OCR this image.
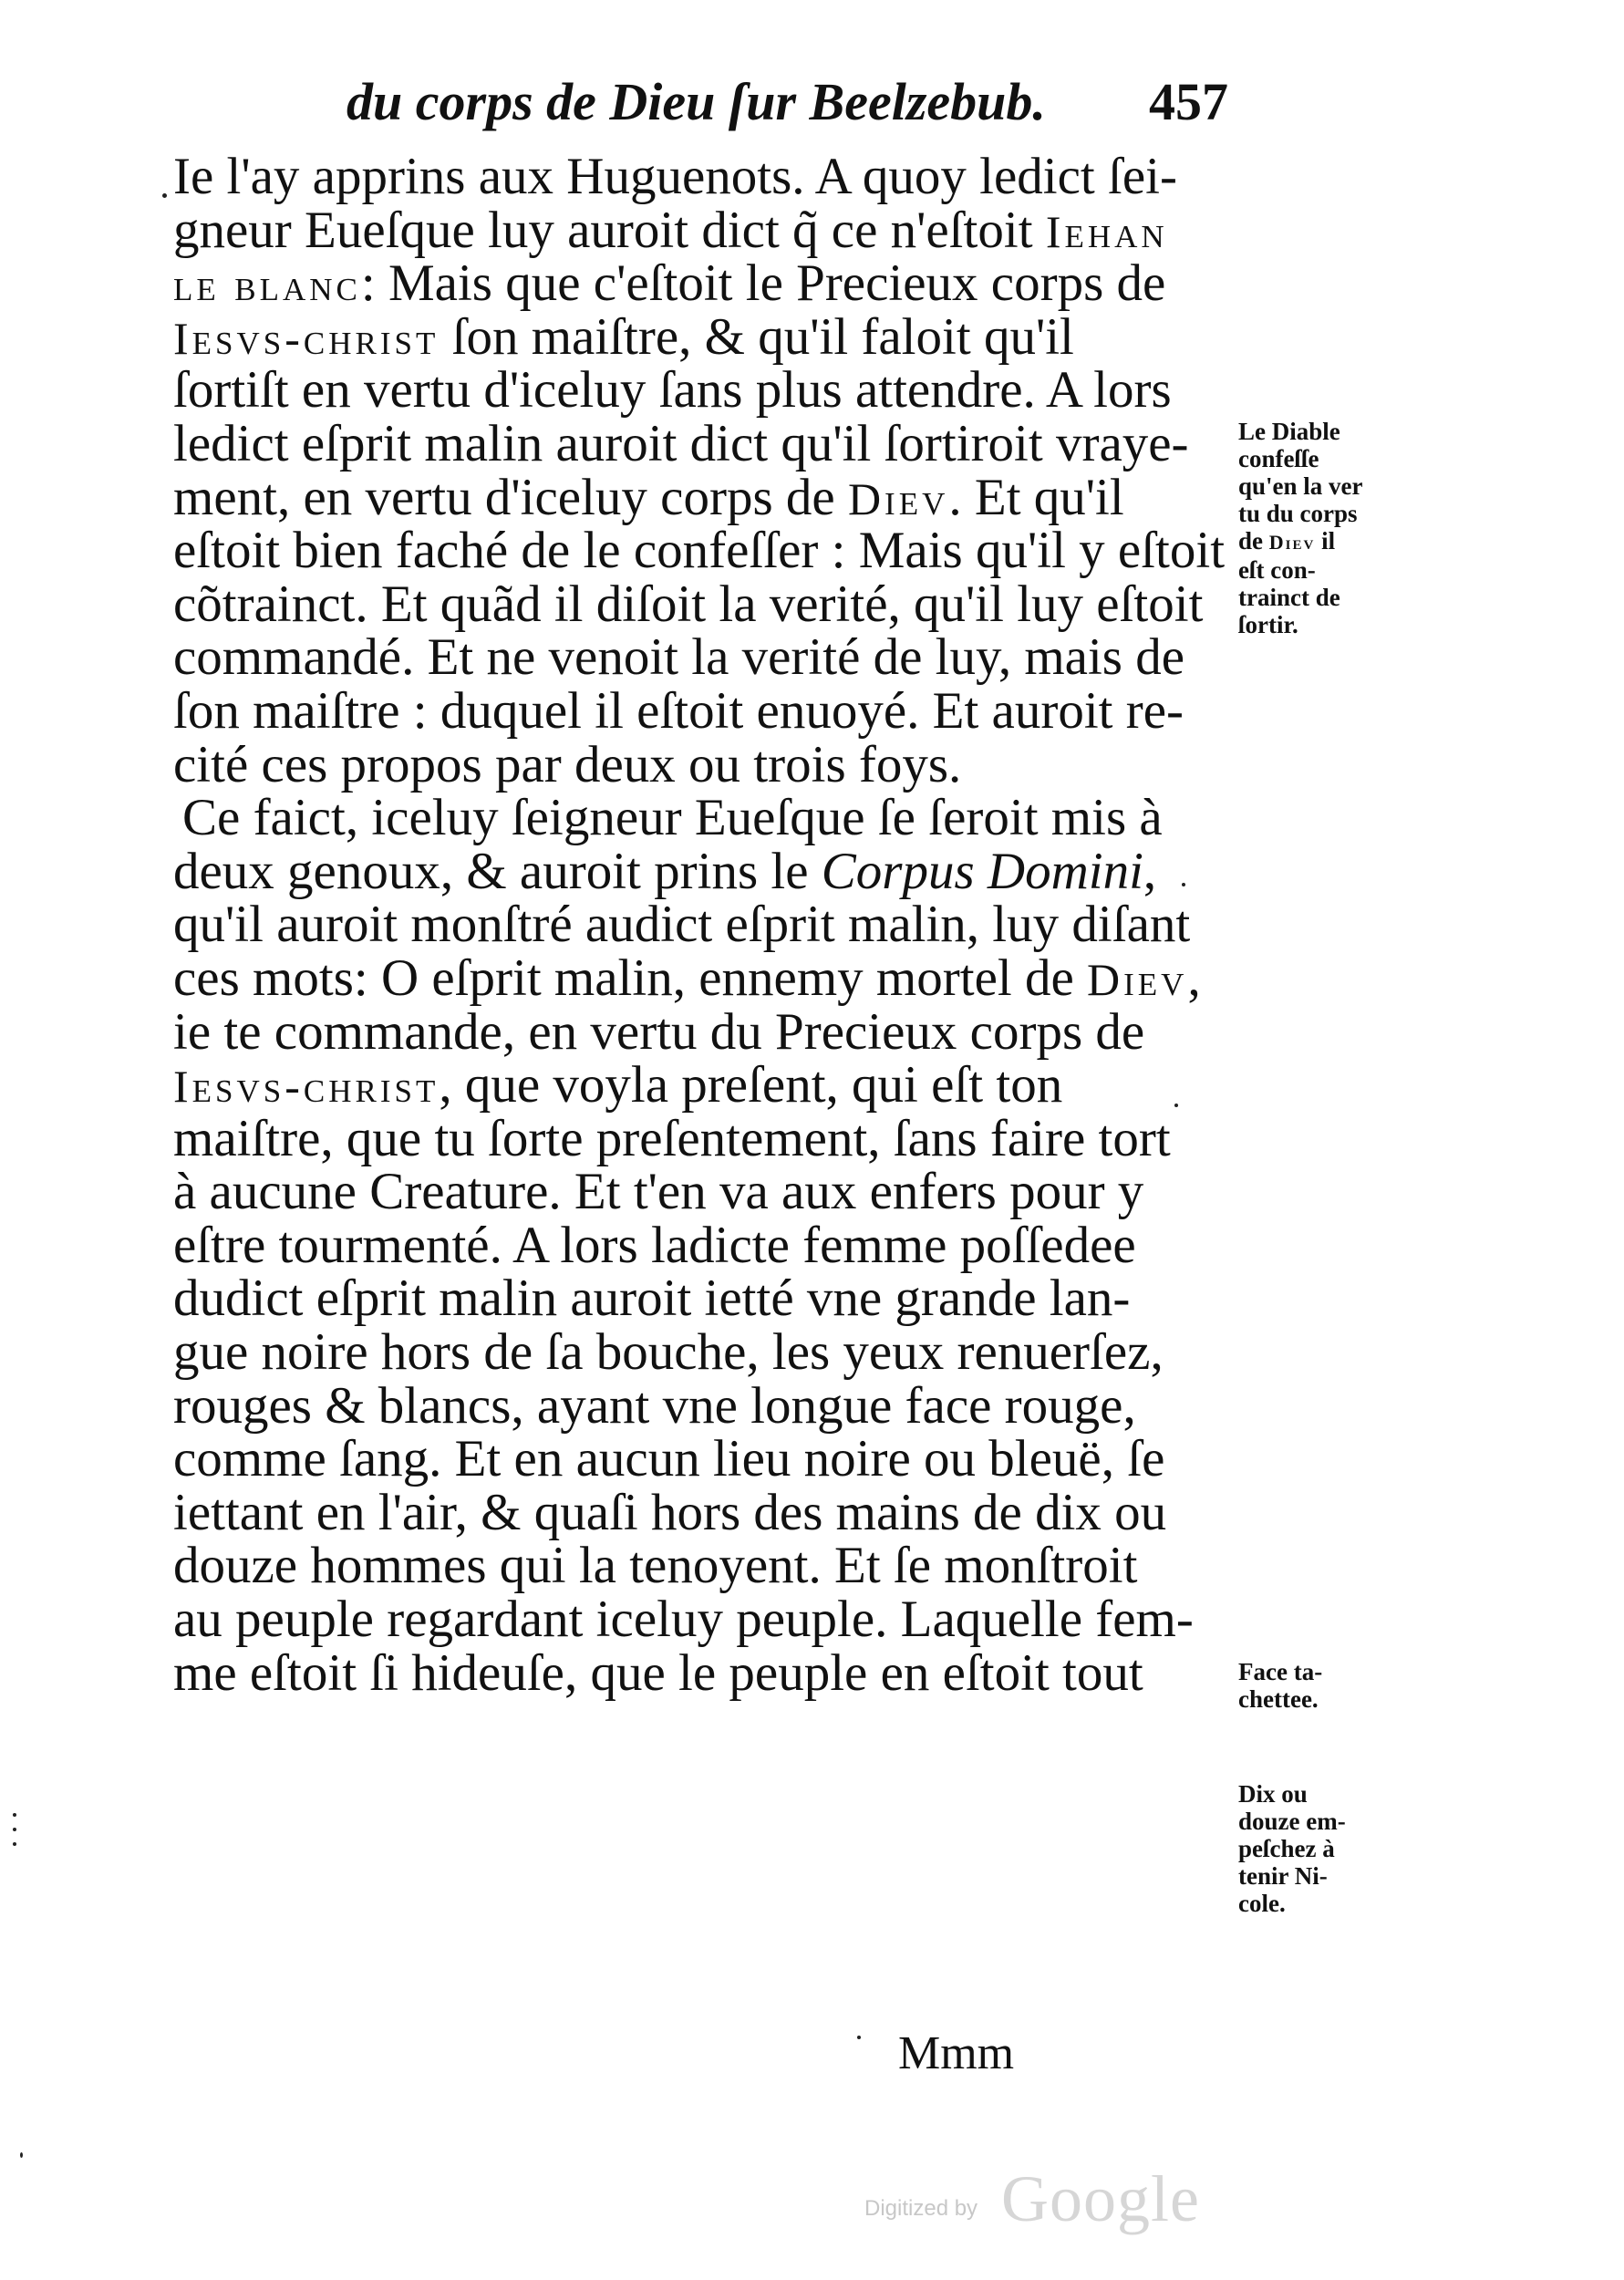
du corps de Dieu ſur Beelzebub. 457
Ie l'ay apprins aux Huguenots. A quoy ledict ſei-
gneur Eueſque luy auroit dict q̃ ce n'eſtoit Iehan
le blanc: Mais que c'eſtoit le Precieux corps de
Iesvs-christ ſon maiſtre, & qu'il faloit qu'il
ſortiſt en vertu d'iceluy ſans plus attendre. A lors
ledict eſprit malin auroit dict qu'il ſortiroit vraye-
ment, en vertu d'iceluy corps de Diev. Et qu'il
eſtoit bien faché de le confeſſer : Mais qu'il y eſtoit
cõtrainct. Et quãd il diſoit la verité, qu'il luy eſtoit
commandé. Et ne venoit la verité de luy, mais de
ſon maiſtre : duquel il eſtoit enuoyé. Et auroit re-
cité ces propos par deux ou trois foys.
Ce faict, iceluy ſeigneur Eueſque ſe ſeroit mis à
deux genoux, & auroit prins le Corpus Domini,
qu'il auroit monſtré audict eſprit malin, luy diſant
ces mots: O eſprit malin, ennemy mortel de Diev,
ie te commande, en vertu du Precieux corps de
Iesvs-christ, que voyla preſent, qui eſt ton
maiſtre, que tu ſorte preſentement, ſans faire tort
à aucune Creature. Et t'en va aux enfers pour y
eſtre tourmenté. A lors ladicte femme poſſedee
dudict eſprit malin auroit ietté vne grande lan-
gue noire hors de ſa bouche, les yeux renuerſez,
rouges & blancs, ayant vne longue face rouge,
comme ſang. Et en aucun lieu noire ou bleuë, ſe
iettant en l'air, & quaſi hors des mains de dix ou
douze hommes qui la tenoyent. Et ſe monſtroit
au peuple regardant iceluy peuple. Laquelle fem-
me eſtoit ſi hideuſe, que le peuple en eſtoit tout
Le Diable
confeſſe
qu'en la ver
tu du corps
de Diev il
eſt con-
trainct de
ſortir.
Face ta-
chettee.
Dix ou
douze em-
peſchez à
tenir Ni-
cole.
Mmm
Digitized by Google
